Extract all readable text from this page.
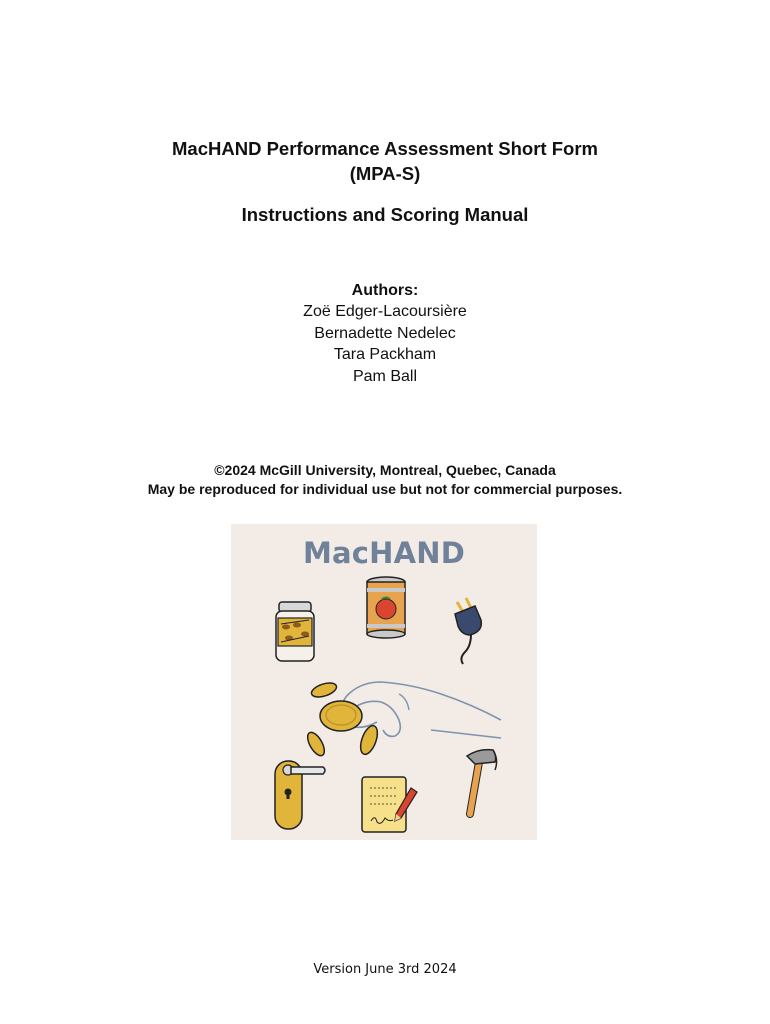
MacHAND Performance Assessment Short Form
(MPA-S)
Instructions and Scoring Manual
Authors:
Zoë Edger-Lacoursière
Bernadette Nedelec
Tara Packham
Pam Ball
©2024 McGill University, Montreal, Quebec, Canada
May be reproduced for individual use but not for commercial purposes.
MacHAND
Version June 3rd 2024
